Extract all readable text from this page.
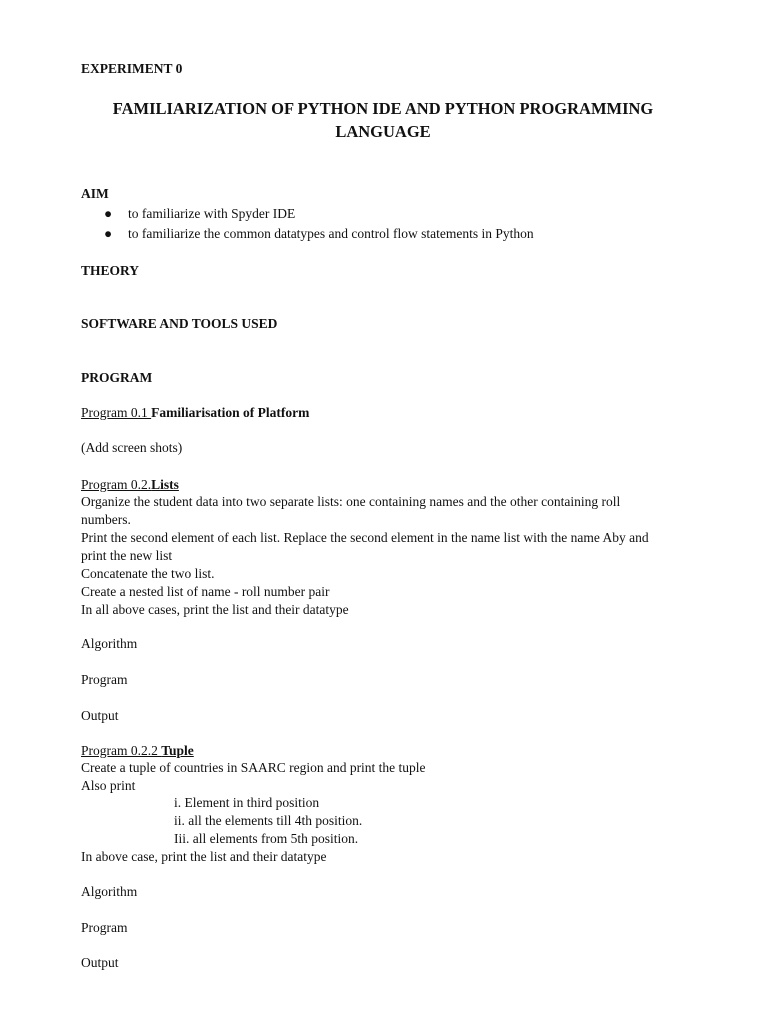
EXPERIMENT 0
FAMILIARIZATION OF PYTHON IDE AND PYTHON PROGRAMMING
LANGUAGE
AIM
● to familiarize with Spyder IDE
● to familiarize the common datatypes and control flow statements in Python
THEORY
SOFTWARE AND TOOLS USED
PROGRAM
Program 0.1 Familiarisation of Platform
(Add screen shots)
Program 0.2.Lists
Organize the student data into two separate lists: one containing names and the other containing roll
numbers.
Print the second element of each list. Replace the second element in the name list with the name Aby and
print the new list
Concatenate the two list.
Create a nested list of name - roll number pair
In all above cases, print the list and their datatype
Algorithm
Program
Output
Program 0.2.2 Tuple
Create a tuple of countries in SAARC region and print the tuple
Also print
i. Element in third position
ii. all the elements till 4th position.
Iii. all elements from 5th position.
In above case, print the list and their datatype
Algorithm
Program
Output
